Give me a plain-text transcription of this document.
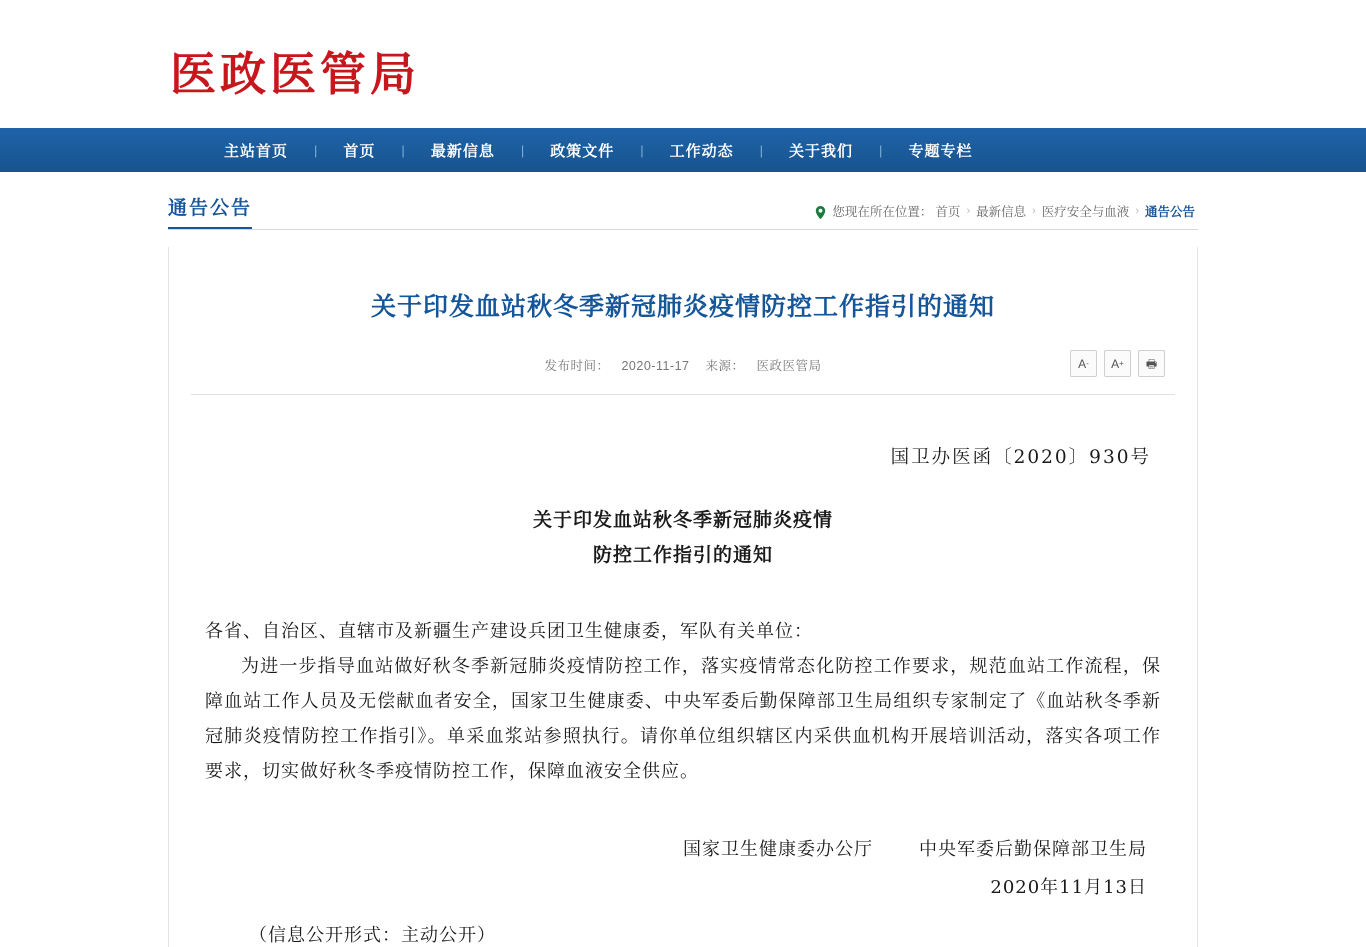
医政医管局
主站首页	|	首页	|	最新信息	|	政策文件	|	工作动态	|	关于我们	|	专题专栏
通告公告	您现在所在位置： 首页 › 最新信息 › 医疗安全与血液 › 通告公告
关于印发血站秋冬季新冠肺炎疫情防控工作指引的通知
发布时间： 2020-11-17 来源： 医政医管局	A - A + 🖶
国卫办医函〔2020〕930号
关于印发血站秋冬季新冠肺炎疫情
防控工作指引的通知
各省、自治区、直辖市及新疆生产建设兵团卫生健康委，军队有关单位：

为进一步指导血站做好秋冬季新冠肺炎疫情防控工作，落实疫情常态化防控工作要求，规范血站工作流程，保障血站工作人员及无偿献血者安全，国家卫生健康委、中央军委后勤保障部卫生局组织专家制定了《血站秋冬季新冠肺炎疫情防控工作指引》。单采血浆站参照执行。请你单位组织辖区内采供血机构开展培训活动，落实各项工作要求，切实做好秋冬季疫情防控工作，保障血液安全供应。

国家卫生健康委办公厅	中央军委后勤保障部卫生局
2020年11月13日
（信息公开形式：主动公开）
